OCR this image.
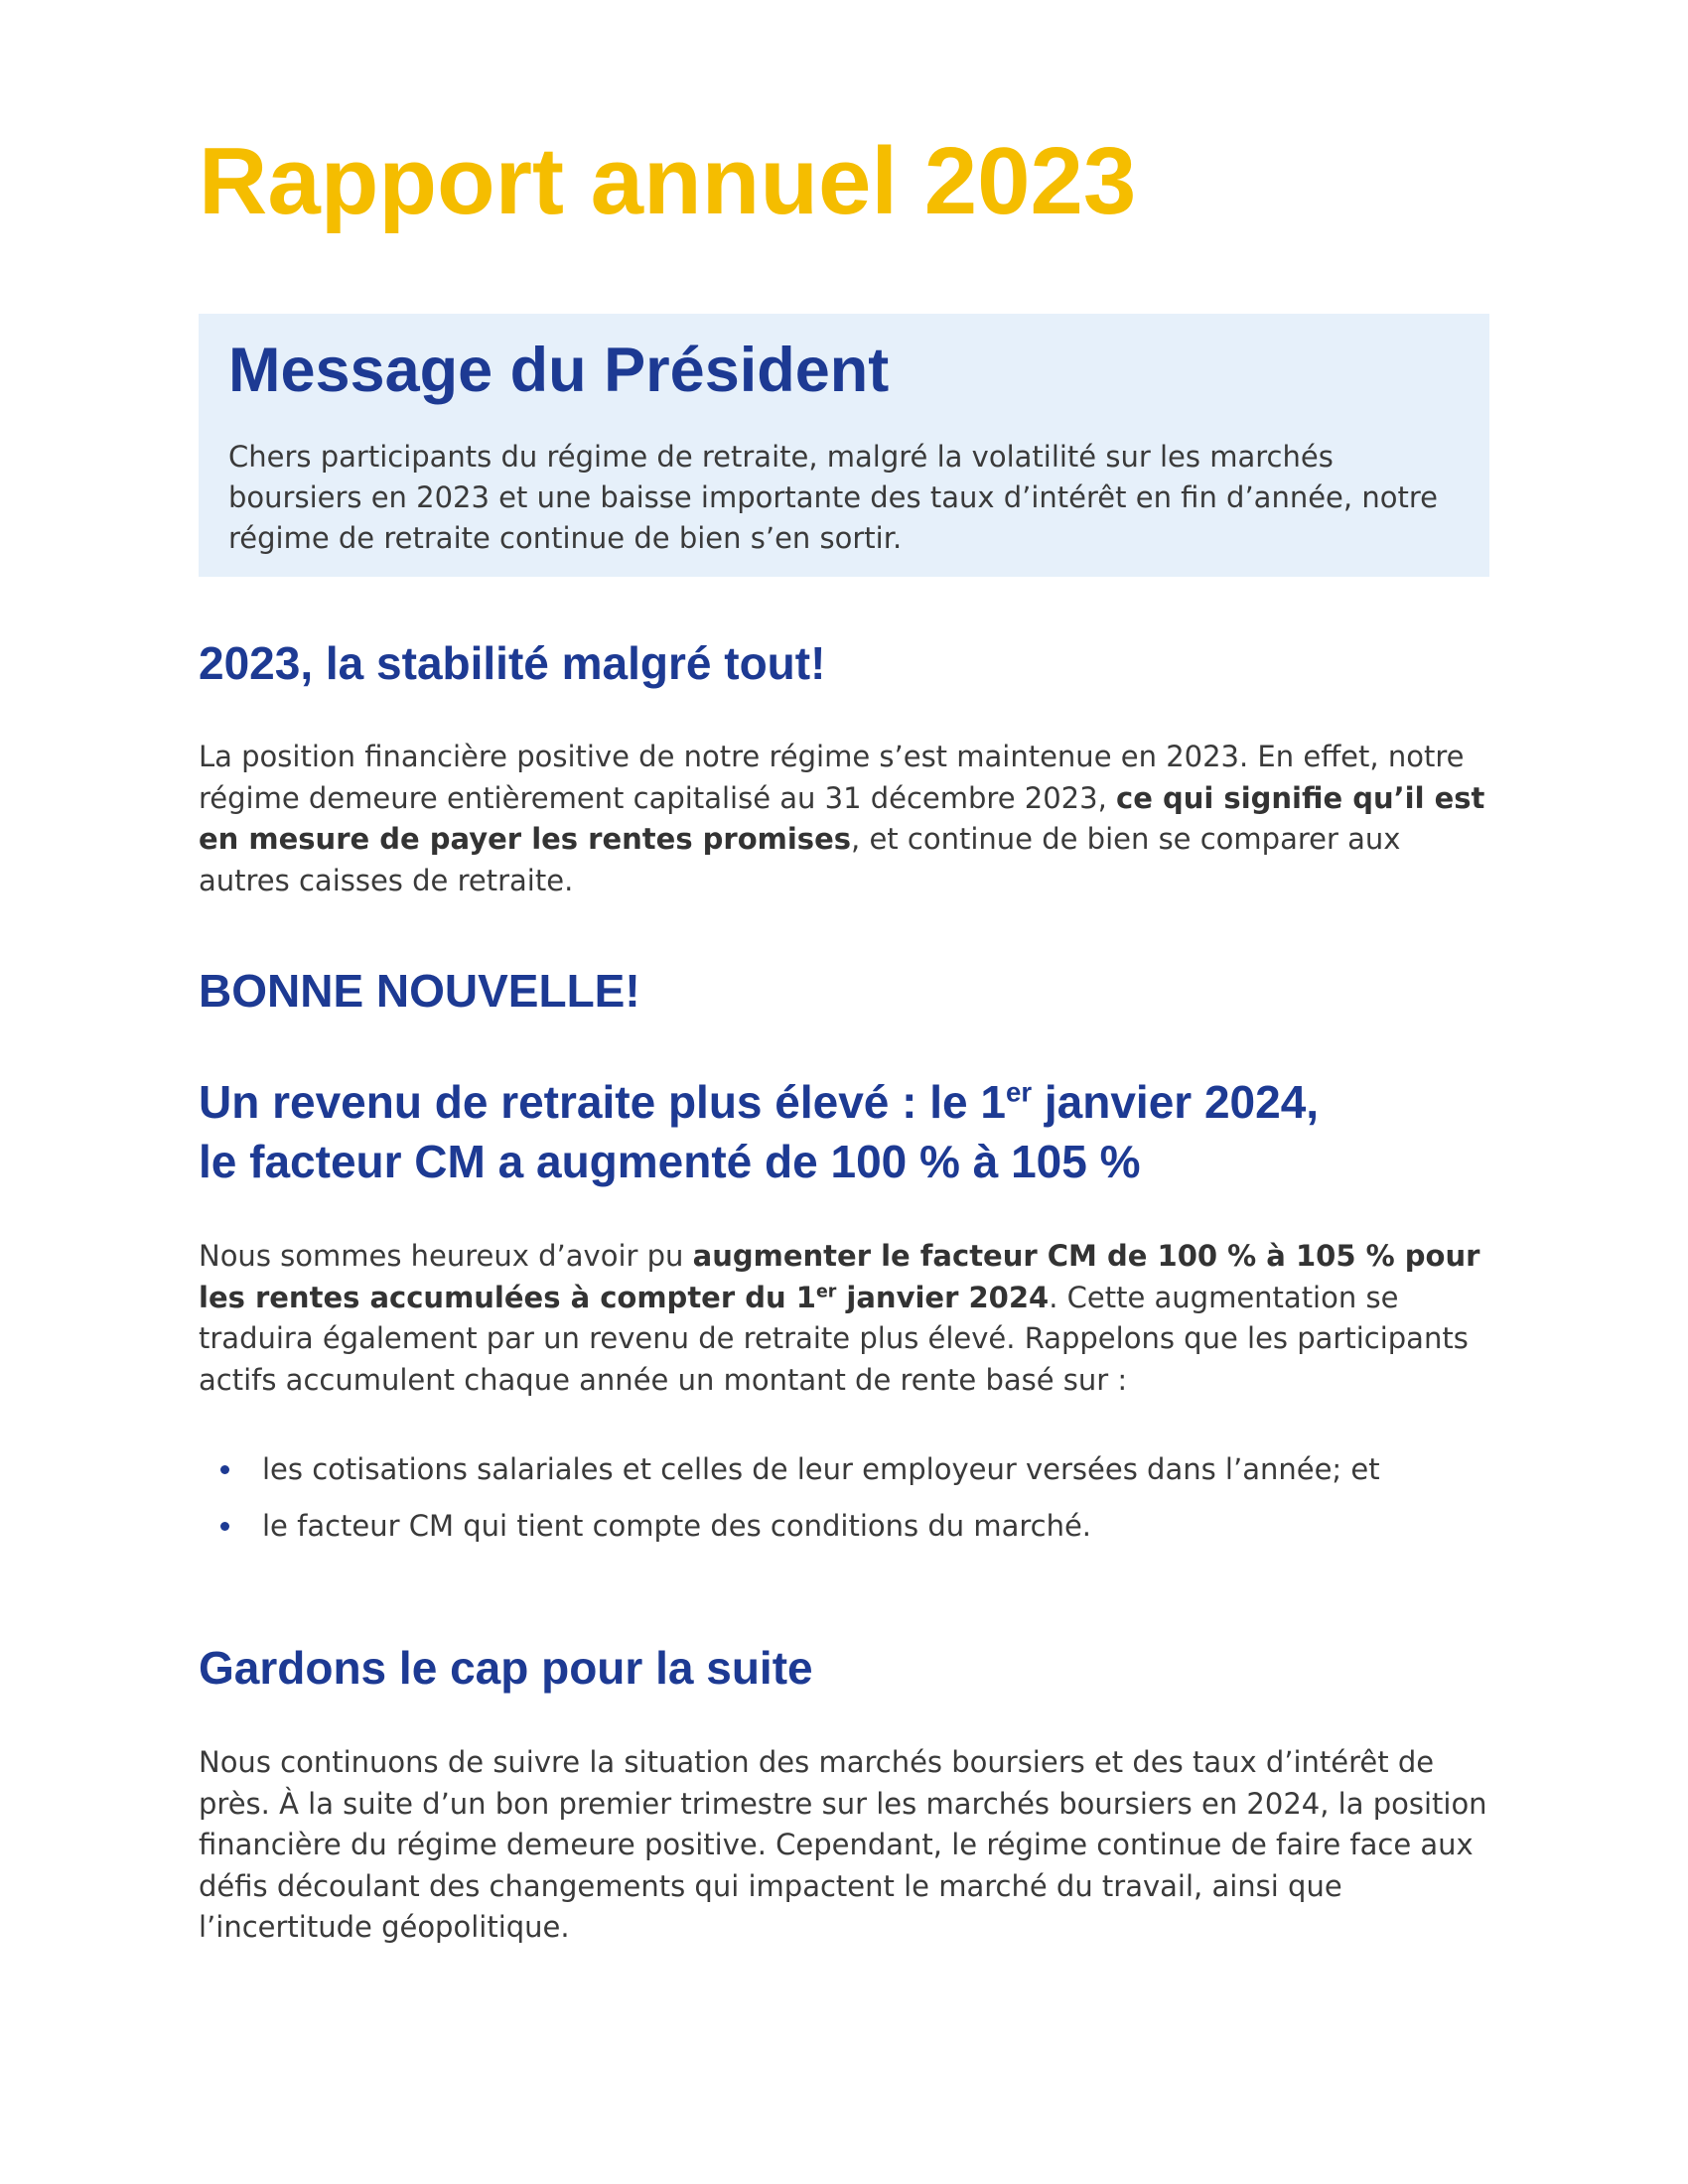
Rapport annuel 2023
Message du Président

Chers participants du régime de retraite, malgré la volatilité sur les marchés boursiers en 2023 et une baisse importante des taux d’intérêt en fin d’année, notre régime de retraite continue de bien s’en sortir.

2023, la stabilité malgré tout!

La position financière positive de notre régime s’est maintenue en 2023. En effet, notre régime demeure entièrement capitalisé au 31 décembre 2023, ce qui signifie qu’il est en mesure de payer les rentes promises, et continue de bien se comparer aux autres caisses de retraite.

BONNE NOUVELLE!
Un revenu de retraite plus élevé : le 1er janvier 2024,
le facteur CM a augmenté de 100 % à 105 %

Nous sommes heureux d’avoir pu augmenter le facteur CM de 100 % à 105 % pour les rentes accumulées à compter du 1er janvier 2024. Cette augmentation se traduira également par un revenu de retraite plus élevé. Rappelons que les participants actifs accumulent chaque année un montant de rente basé sur :

les cotisations salariales et celles de leur employeur versées dans l’année; et
le facteur CM qui tient compte des conditions du marché.
Gardons le cap pour la suite

Nous continuons de suivre la situation des marchés boursiers et des taux d’intérêt de près. À la suite d’un bon premier trimestre sur les marchés boursiers en 2024, la position financière du régime demeure positive. Cependant, le régime continue de faire face aux défis découlant des changements qui impactent le marché du travail, ainsi que l’incertitude géopolitique.
